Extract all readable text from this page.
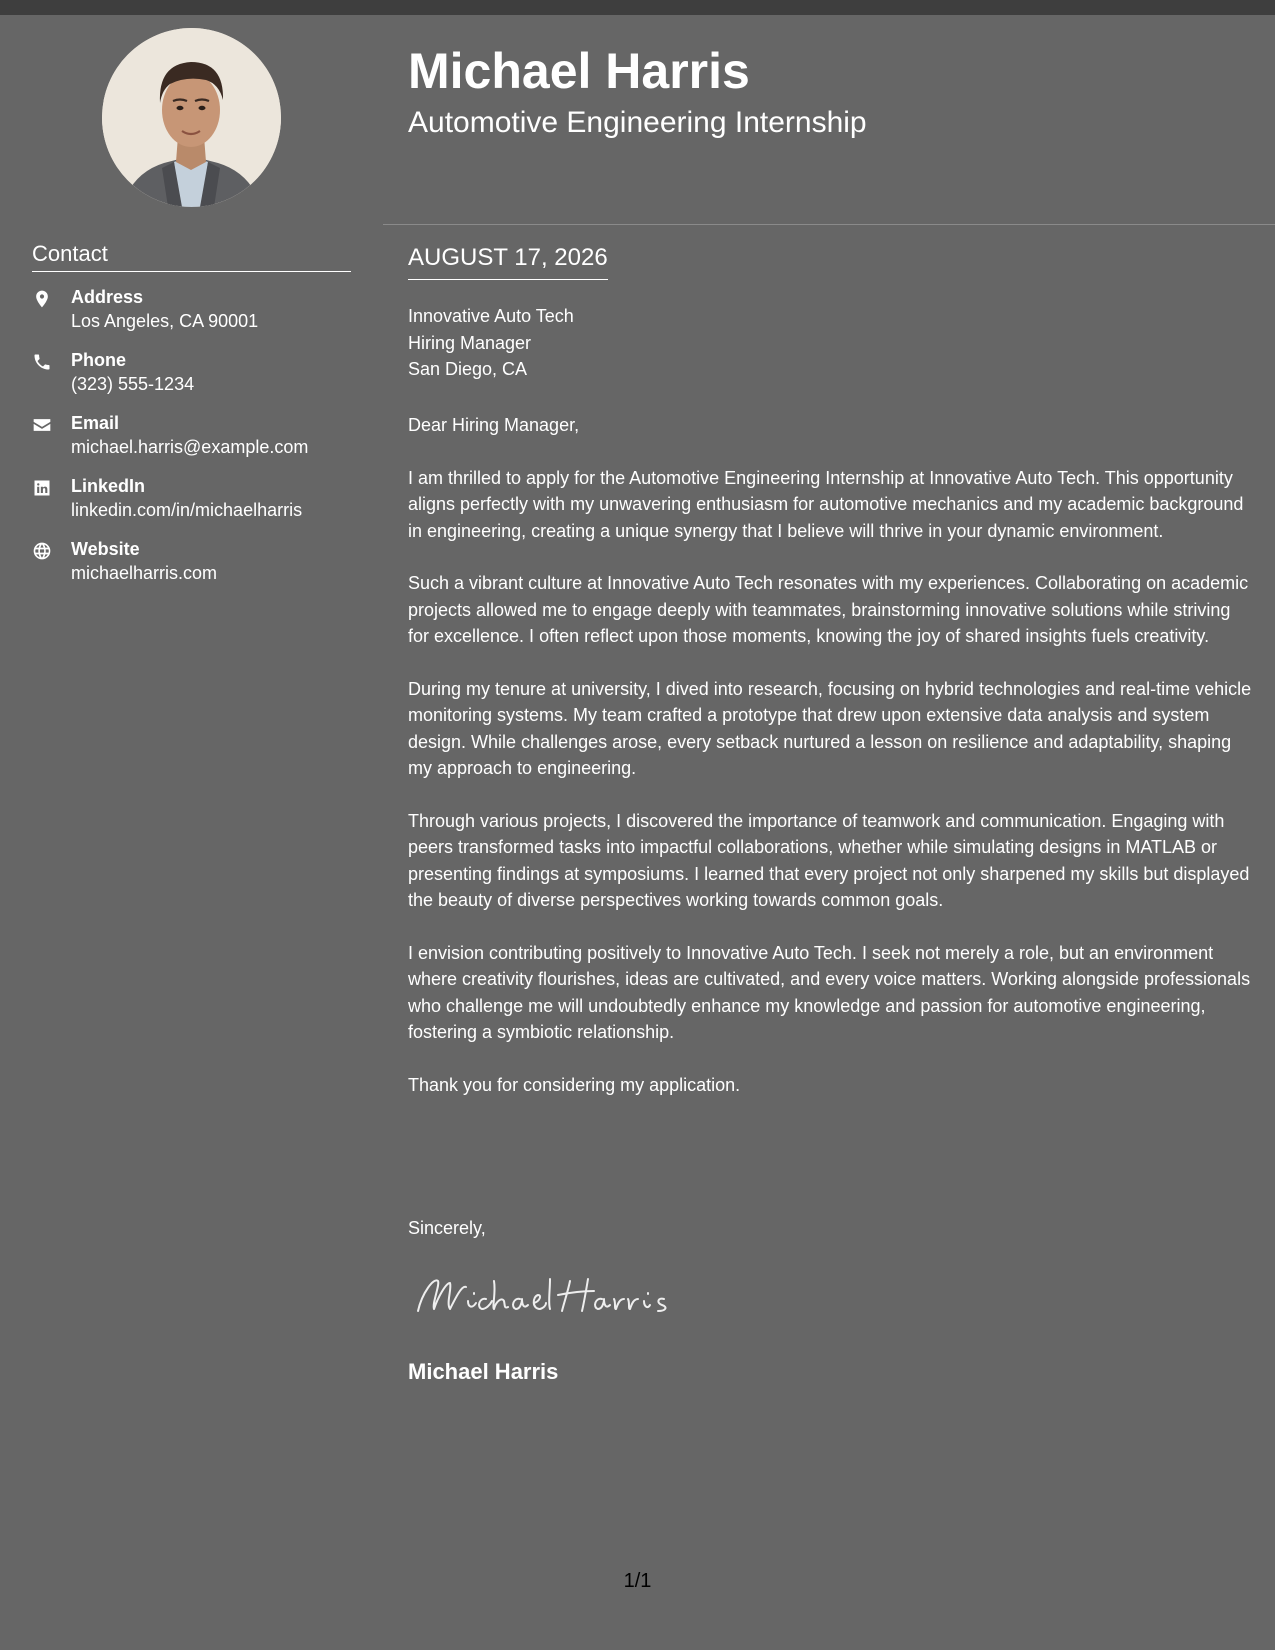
Contact
Address
Los Angeles, CA 90001
Phone
(323) 555-1234
Email
michael.harris@example.com
LinkedIn
linkedin.com/in/michaelharris
Website
michaelharris.com
Michael Harris
Automotive Engineering Internship
AUGUST 17, 2026
Innovative Auto Tech
Hiring Manager
San Diego, CA

Dear Hiring Manager,

I am thrilled to apply for the Automotive Engineering Internship at Innovative Auto Tech. This opportunity aligns perfectly with my unwavering enthusiasm for automotive mechanics and my academic background in engineering, creating a unique synergy that I believe will thrive in your dynamic environment.

Such a vibrant culture at Innovative Auto Tech resonates with my experiences. Collaborating on academic projects allowed me to engage deeply with teammates, brainstorming innovative solutions while striving for excellence. I often reflect upon those moments, knowing the joy of shared insights fuels creativity.

During my tenure at university, I dived into research, focusing on hybrid technologies and real-time vehicle monitoring systems. My team crafted a prototype that drew upon extensive data analysis and system design. While challenges arose, every setback nurtured a lesson on resilience and adaptability, shaping my approach to engineering.

Through various projects, I discovered the importance of teamwork and communication. Engaging with peers transformed tasks into impactful collaborations, whether while simulating designs in MATLAB or presenting findings at symposiums. I learned that every project not only sharpened my skills but displayed the beauty of diverse perspectives working towards common goals.

I envision contributing positively to Innovative Auto Tech. I seek not merely a role, but an environment where creativity flourishes, ideas are cultivated, and every voice matters. Working alongside professionals who challenge me will undoubtedly enhance my knowledge and passion for automotive engineering, fostering a symbiotic relationship.

Thank you for considering my application.

Sincerely,
Michael Harris
1/1
